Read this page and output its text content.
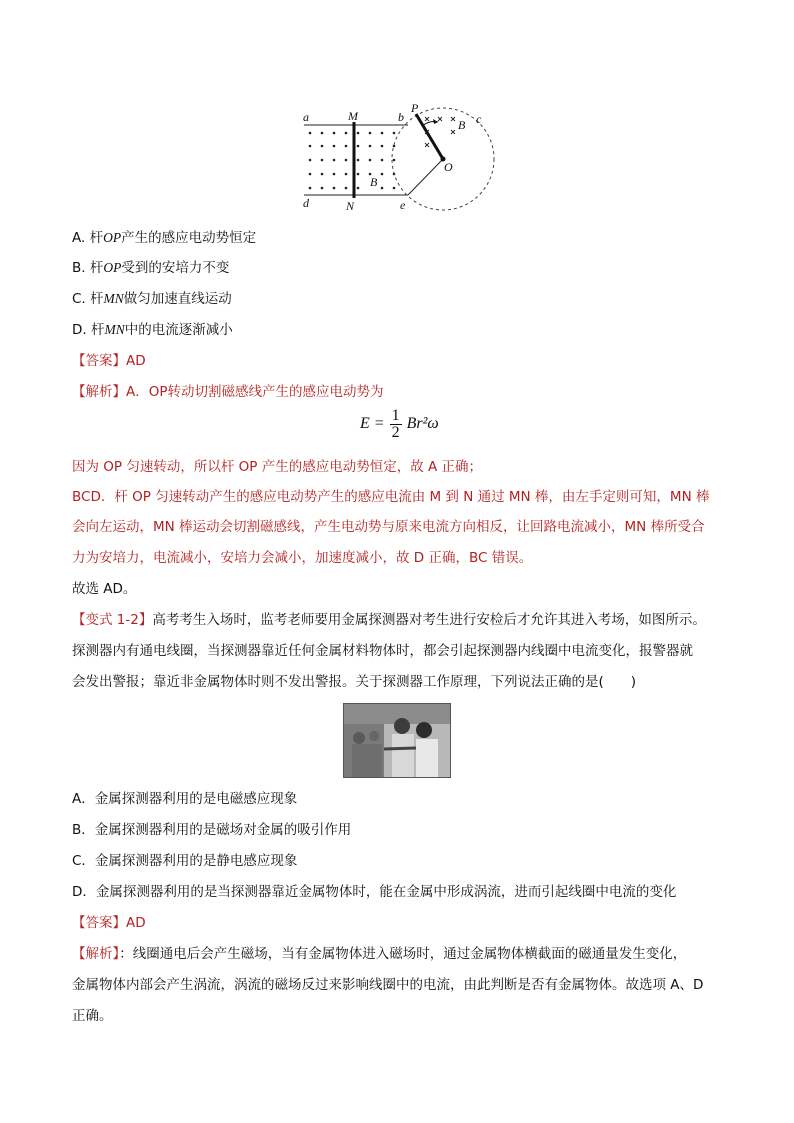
a	M	b
P
c
B
O
d	N	e
B
A. 杆OP产生的感应电动势恒定
B. 杆OP受到的安培力不变
C. 杆MN做匀加速直线运动
D. 杆MN中的电流逐渐减小
【答案】AD
【解析】A．OP转动切割磁感线产生的感应电动势为
$E = \frac{1}{2} Br^2\omega$
因为 OP 匀速转动，所以杆 OP 产生的感应电动势恒定，故 A 正确；
BCD．杆 OP 匀速转动产生的感应电动势产生的感应电流由 M 到 N 通过 MN 棒，由左手定则可知，MN 棒
会向左运动，MN 棒运动会切割磁感线，产生电动势与原来电流方向相反，让回路电流减小，MN 棒所受合
力为安培力，电流减小，安培力会减小，加速度减小，故 D 正确，BC 错误。
故选 AD。
【变式 1-2】高考考生入场时，监考老师要用金属探测器对考生进行安检后才允许其进入考场，如图所示。
探测器内有通电线圈，当探测器靠近任何金属材料物体时，都会引起探测器内线圈中电流变化，报警器就
会发出警报；靠近非金属物体时则不发出警报。关于探测器工作原理，下列说法正确的是(　　)
A．金属探测器利用的是电磁感应现象
B．金属探测器利用的是磁场对金属的吸引作用
C．金属探测器利用的是静电感应现象
D．金属探测器利用的是当探测器靠近金属物体时，能在金属中形成涡流，进而引起线圈中电流的变化
【答案】AD
【解析】：线圈通电后会产生磁场，当有金属物体进入磁场时，通过金属物体横截面的磁通量发生变化，
金属物体内部会产生涡流，涡流的磁场反过来影响线圈中的电流，由此判断是否有金属物体。故选项 A、D
正确。
